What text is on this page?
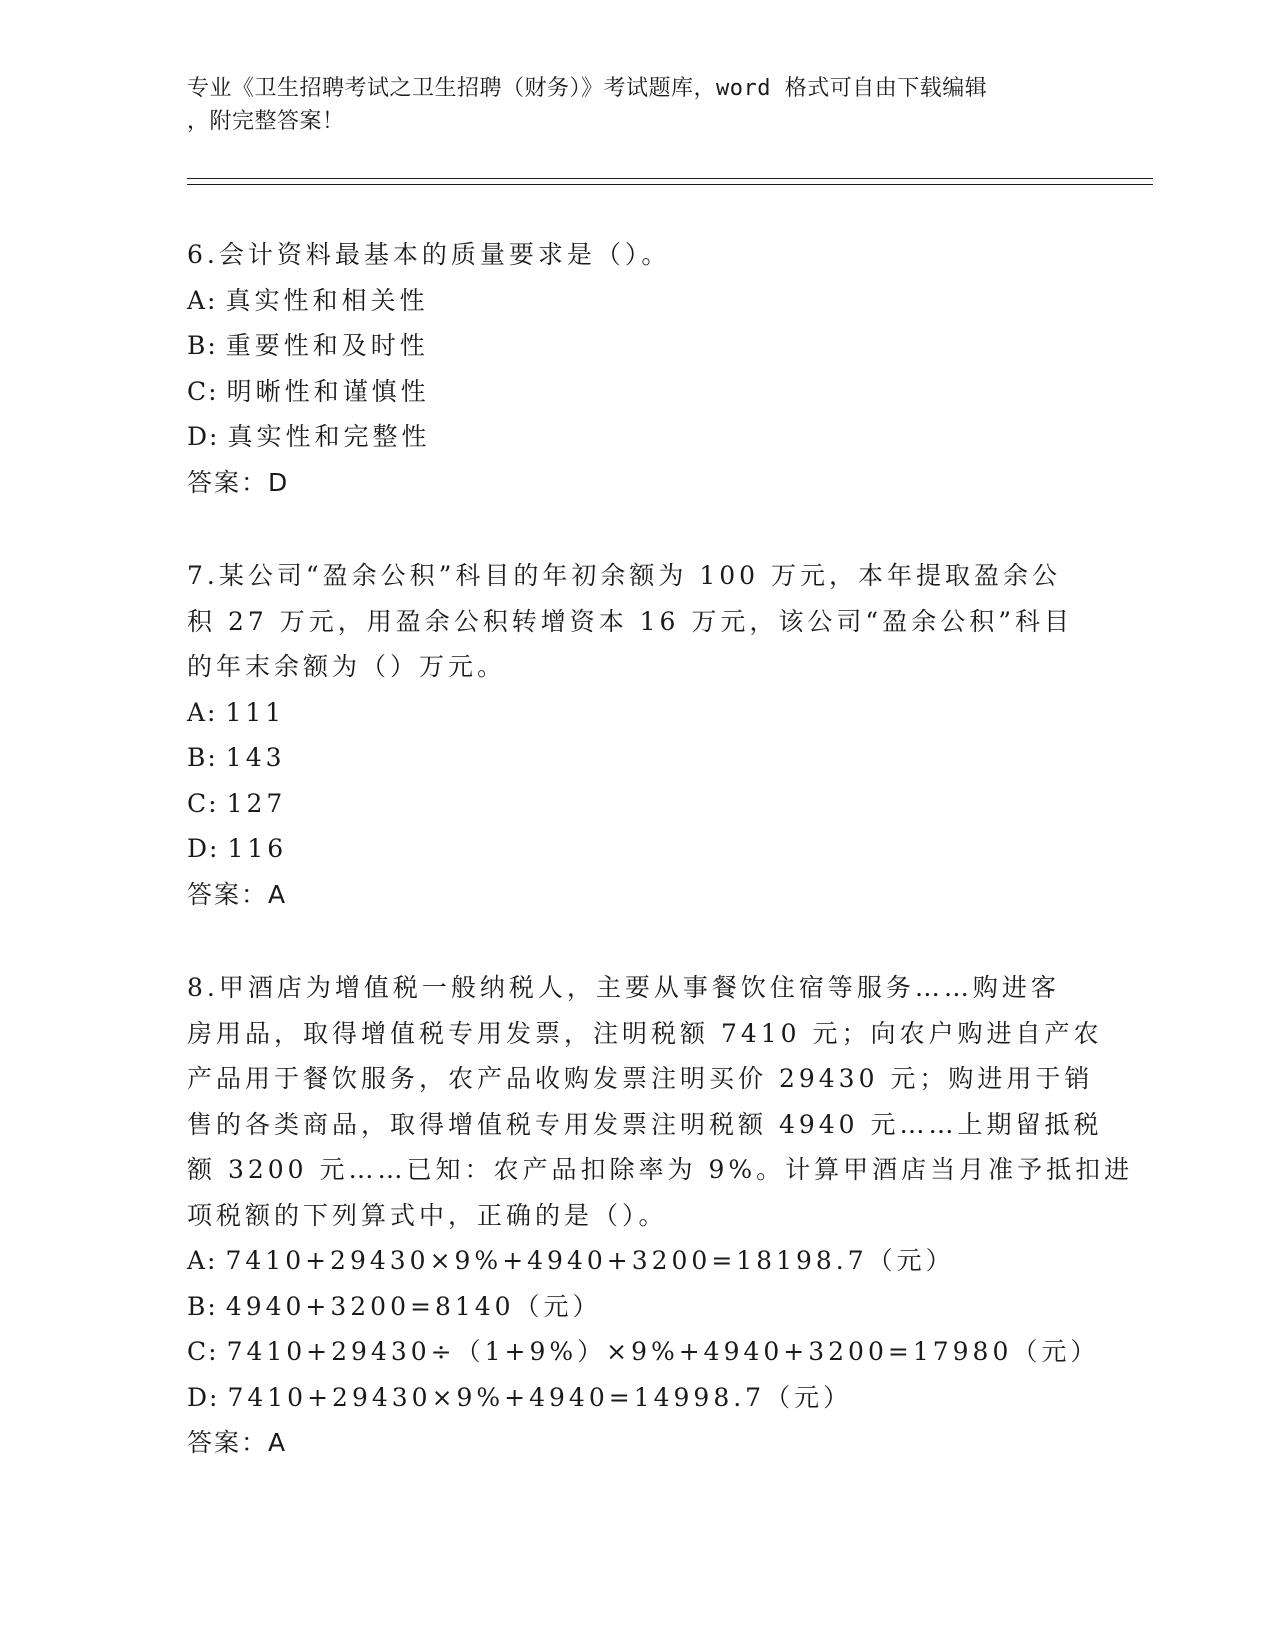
专业《卫生招聘考试之卫生招聘（财务）》考试题库，word 格式可自由下载编辑
，附完整答案！
6.会计资料最基本的质量要求是（）。
A: 真实性和相关性
B: 重要性和及时性
C: 明晰性和谨慎性
D: 真实性和完整性
答案：D
7.某公司“盈余公积”科目的年初余额为 100 万元，本年提取盈余公
积 27 万元，用盈余公积转增资本 16 万元，该公司“盈余公积”科目
的年末余额为（）万元。
A: 111
B: 143
C: 127
D: 116
答案：A
8.甲酒店为增值税一般纳税人，主要从事餐饮住宿等服务……购进客
房用品，取得增值税专用发票，注明税额 7410 元；向农户购进自产农
产品用于餐饮服务，农产品收购发票注明买价 29430 元；购进用于销
售的各类商品，取得增值税专用发票注明税额 4940 元……上期留抵税
额 3200 元……已知：农产品扣除率为 9%。计算甲酒店当月准予抵扣进
项税额的下列算式中，正确的是（）。
A: 7410+29430×9%+4940+3200=18198.7（元）
B: 4940+3200=8140（元）
C: 7410+29430÷（1+9%）×9%+4940+3200=17980（元）
D: 7410+29430×9%+4940=14998.7（元）
答案：A
